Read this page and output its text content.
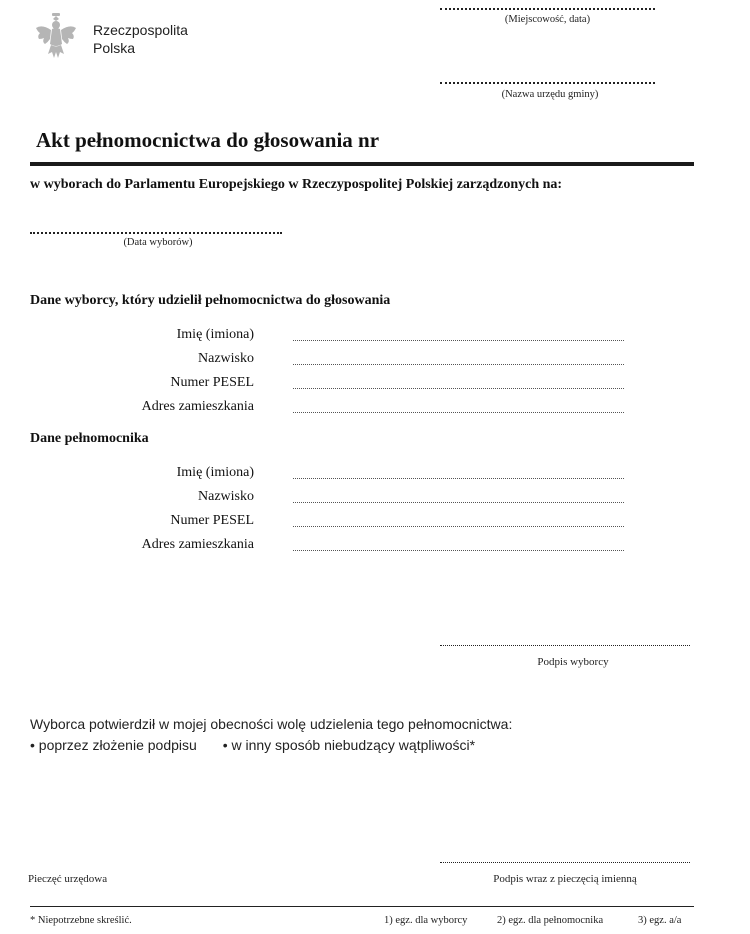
Rzeczpospolita
Polska
(Miejscowość, data)
(Nazwa urzędu gminy)
Akt pełnomocnictwa do głosowania nr
w wyborach do Parlamentu Europejskiego w Rzeczypospolitej Polskiej zarządzonych na:
(Data wyborów)
Dane wyborcy, który udzielił pełnomocnictwa do głosowania
Imię (imiona)
Nazwisko
Numer PESEL
Adres zamieszkania
Dane pełnomocnika
Imię (imiona)
Nazwisko
Numer PESEL
Adres zamieszkania
Podpis wyborcy
Wyborca potwierdził w mojej obecności wolę udzielenia tego pełnomocnictwa:
• poprzez złożenie podpisu • w inny sposób niebudzący wątpliwości*
Pieczęć urzędowa	Podpis wraz z pieczęcią imienną
* Niepotrzebne skreślić.	1) egz. dla wyborcy	2) egz. dla pełnomocnika	3) egz. a/a
